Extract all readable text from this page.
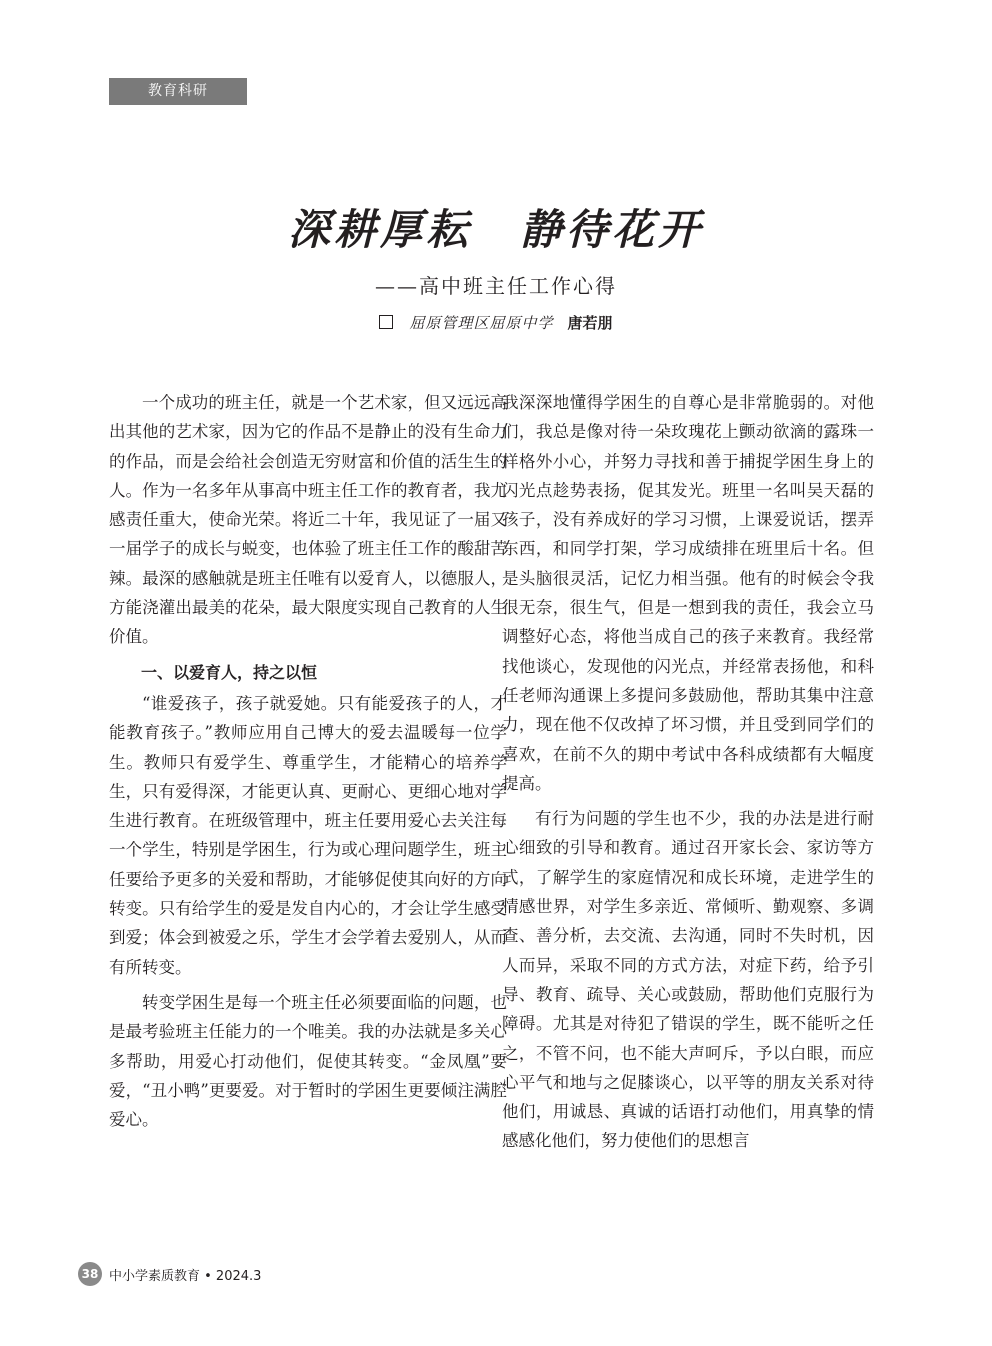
教育科研
深耕厚耘 静待花开
——高中班主任工作心得
屈原管理区屈原中学 唐若朋

一个成功的班主任，就是一个艺术家，但又远远高出其他的艺术家，因为它的作品不是静止的没有生命力的作品，而是会给社会创造无穷财富和价值的活生生的人。作为一名多年从事高中班主任工作的教育者，我尤感责任重大，使命光荣。将近二十年，我见证了一届又一届学子的成长与蜕变，也体验了班主任工作的酸甜苦辣。最深的感触就是班主任唯有以爱育人，以德服人，方能浇灌出最美的花朵，最大限度实现自己教育的人生价值。

一、以爱育人，持之以恒

“谁爱孩子，孩子就爱她。只有能爱孩子的人，才能教育孩子。”教师应用自己博大的爱去温暖每一位学生。教师只有爱学生、尊重学生，才能精心的培养学生，只有爱得深，才能更认真、更耐心、更细心地对学生进行教育。在班级管理中，班主任要用爱心去关注每一个学生，特别是学困生，行为或心理问题学生，班主任要给予更多的关爱和帮助，才能够促使其向好的方向转变。只有给学生的爱是发自内心的，才会让学生感受到爱；体会到被爱之乐，学生才会学着去爱别人，从而有所转变。

转变学困生是每一个班主任必须要面临的问题，也是最考验班主任能力的一个唯美。我的办法就是多关心多帮助，用爱心打动他们，促使其转变。“金凤凰”要爱，“丑小鸭”更要爱。对于暂时的学困生更要倾注满腔爱心。

我深深地懂得学困生的自尊心是非常脆弱的。对他们，我总是像对待一朵玫瑰花上颤动欲滴的露珠一样格外小心，并努力寻找和善于捕捉学困生身上的闪光点趁势表扬，促其发光。班里一名叫吴天磊的孩子，没有养成好的学习习惯，上课爱说话，摆弄东西，和同学打架，学习成绩排在班里后十名。但是头脑很灵活，记忆力相当强。他有的时候会令我很无奈，很生气，但是一想到我的责任，我会立马调整好心态，将他当成自己的孩子来教育。我经常找他谈心，发现他的闪光点，并经常表扬他，和科任老师沟通课上多提问多鼓励他，帮助其集中注意力，现在他不仅改掉了坏习惯，并且受到同学们的喜欢，在前不久的期中考试中各科成绩都有大幅度提高。

有行为问题的学生也不少，我的办法是进行耐心细致的引导和教育。通过召开家长会、家访等方式，了解学生的家庭情况和成长环境，走进学生的情感世界，对学生多亲近、常倾听、勤观察、多调查、善分析，去交流、去沟通，同时不失时机，因人而异，采取不同的方式方法，对症下药，给予引导、教育、疏导、关心或鼓励，帮助他们克服行为障碍。尤其是对待犯了错误的学生，既不能听之任之，不管不问，也不能大声呵斥，予以白眼，而应心平气和地与之促膝谈心，以平等的朋友关系对待他们，用诚恳、真诚的话语打动他们，用真挚的情感感化他们，努力使他们的思想言

38 中小学素质教育 • 2024.3
